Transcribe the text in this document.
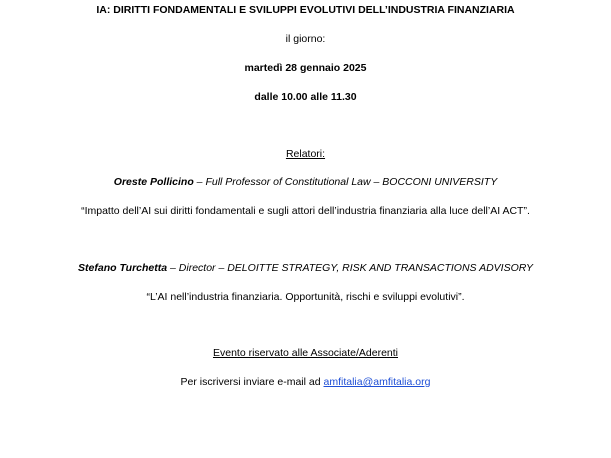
IA: DIRITTI FONDAMENTALI E SVILUPPI EVOLUTIVI DELL’INDUSTRIA FINANZIARIA
il giorno:
martedì 28 gennaio 2025
dalle 10.00 alle 11.30
Relatori:
Oreste Pollicino – Full Professor of Constitutional Law – BOCCONI UNIVERSITY
“Impatto dell’AI sui diritti fondamentali e sugli attori dell’industria finanziaria alla luce dell’AI ACT”.
Stefano Turchetta – Director – DELOITTE STRATEGY, RISK AND TRANSACTIONS ADVISORY
“L’AI nell’industria finanziaria. Opportunità, rischi e sviluppi evolutivi”.
Evento riservato alle Associate/Aderenti
Per iscriversi inviare e-mail ad amfitalia@amfitalia.org
